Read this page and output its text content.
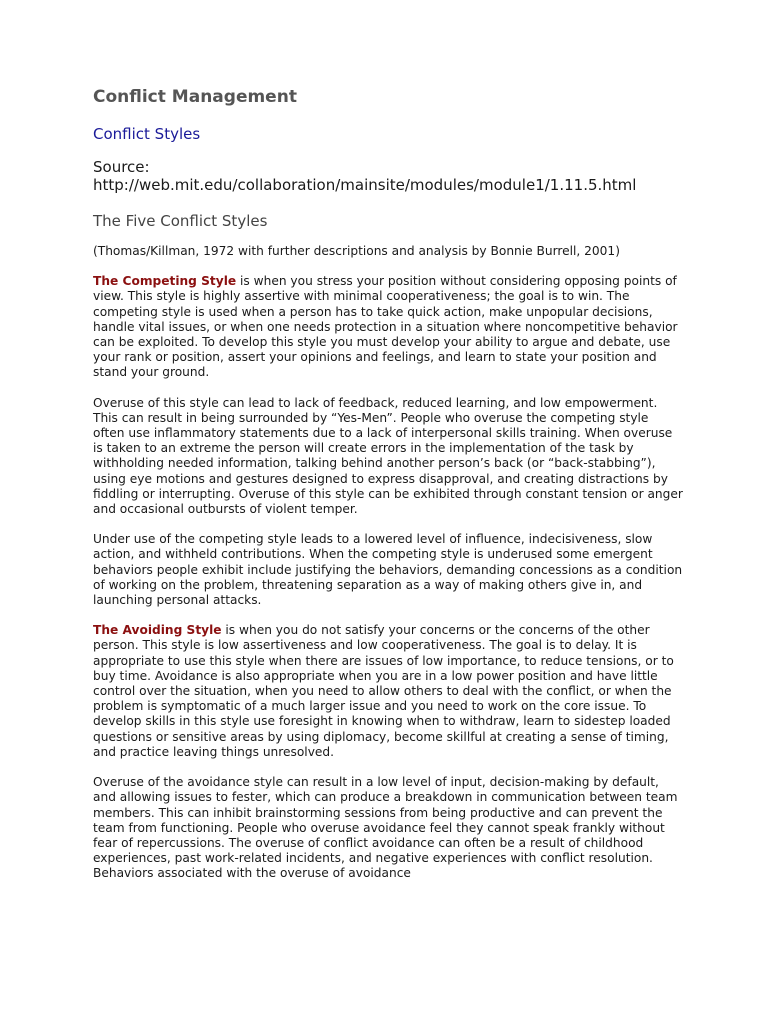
Conflict Management
Conflict Styles
Source:
http://web.mit.edu/collaboration/mainsite/modules/module1/1.11.5.html
The Five Conflict Styles

(Thomas/Killman, 1972 with further descriptions and analysis by Bonnie Burrell, 2001)

The Competing Style is when you stress your position without considering opposing points of view. This style is highly assertive with minimal cooperativeness; the goal is to win. The competing style is used when a person has to take quick action, make unpopular decisions, handle vital issues, or when one needs protection in a situation where noncompetitive behavior can be exploited. To develop this style you must develop your ability to argue and debate, use your rank or position, assert your opinions and feelings, and learn to state your position and stand your ground.

Overuse of this style can lead to lack of feedback, reduced learning, and low empowerment. This can result in being surrounded by “Yes-Men”. People who overuse the competing style often use inflammatory statements due to a lack of interpersonal skills training. When overuse is taken to an extreme the person will create errors in the implementation of the task by withholding needed information, talking behind another person’s back (or “back-stabbing”), using eye motions and gestures designed to express disapproval, and creating distractions by fiddling or interrupting. Overuse of this style can be exhibited through constant tension or anger and occasional outbursts of violent temper.

Under use of the competing style leads to a lowered level of influence, indecisiveness, slow action, and withheld contributions. When the competing style is underused some emergent behaviors people exhibit include justifying the behaviors, demanding concessions as a condition of working on the problem, threatening separation as a way of making others give in, and launching personal attacks.

The Avoiding Style is when you do not satisfy your concerns or the concerns of the other person. This style is low assertiveness and low cooperativeness. The goal is to delay. It is appropriate to use this style when there are issues of low importance, to reduce tensions, or to buy time. Avoidance is also appropriate when you are in a low power position and have little control over the situation, when you need to allow others to deal with the conflict, or when the problem is symptomatic of a much larger issue and you need to work on the core issue. To develop skills in this style use foresight in knowing when to withdraw, learn to sidestep loaded questions or sensitive areas by using diplomacy, become skillful at creating a sense of timing, and practice leaving things unresolved.

Overuse of the avoidance style can result in a low level of input, decision-making by default, and allowing issues to fester, which can produce a breakdown in communication between team members. This can inhibit brainstorming sessions from being productive and can prevent the team from functioning. People who overuse avoidance feel they cannot speak frankly without fear of repercussions. The overuse of conflict avoidance can often be a result of childhood experiences, past work-related incidents, and negative experiences with conflict resolution. Behaviors associated with the overuse of avoidance
